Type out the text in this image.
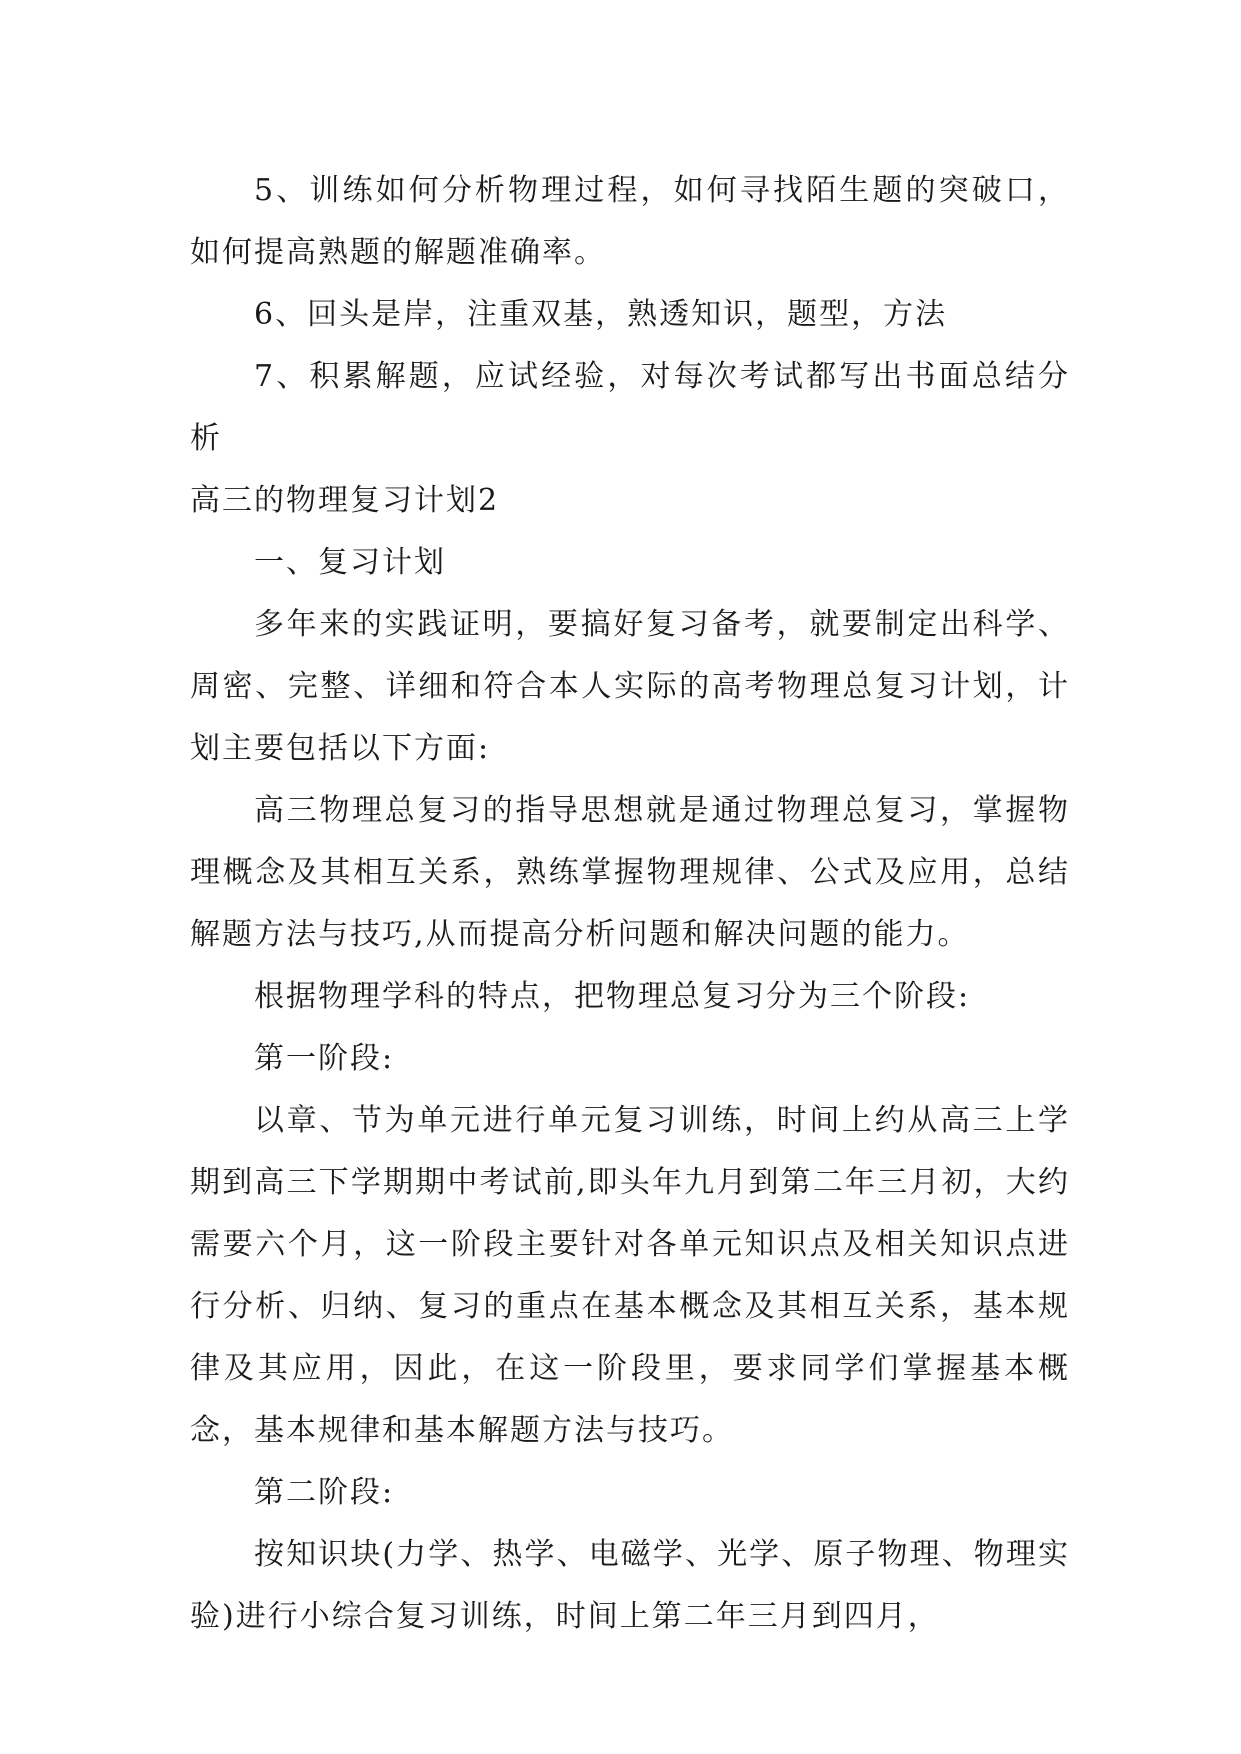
5、训练如何分析物理过程，如何寻找陌生题的突破口，如何提高熟题的解题准确率。

6、回头是岸，注重双基，熟透知识，题型，方法

7、积累解题，应试经验，对每次考试都写出书面总结分析

高三的物理复习计划2

一、复习计划

多年来的实践证明，要搞好复习备考，就要制定出科学、周密、完整、详细和符合本人实际的高考物理总复习计划，计划主要包括以下方面:

高三物理总复习的指导思想就是通过物理总复习，掌握物理概念及其相互关系，熟练掌握物理规律、公式及应用，总结解题方法与技巧,从而提高分析问题和解决问题的能力。

根据物理学科的特点，把物理总复习分为三个阶段:

第一阶段:

以章、节为单元进行单元复习训练，时间上约从高三上学期到高三下学期期中考试前,即头年九月到第二年三月初，大约需要六个月，这一阶段主要针对各单元知识点及相关知识点进行分析、归纳、复习的重点在基本概念及其相互关系，基本规律及其应用，因此，在这一阶段里，要求同学们掌握基本概念，基本规律和基本解题方法与技巧。

第二阶段:

按知识块(力学、热学、电磁学、光学、原子物理、物理实验)进行小综合复习训练，时间上第二年三月到四月，
